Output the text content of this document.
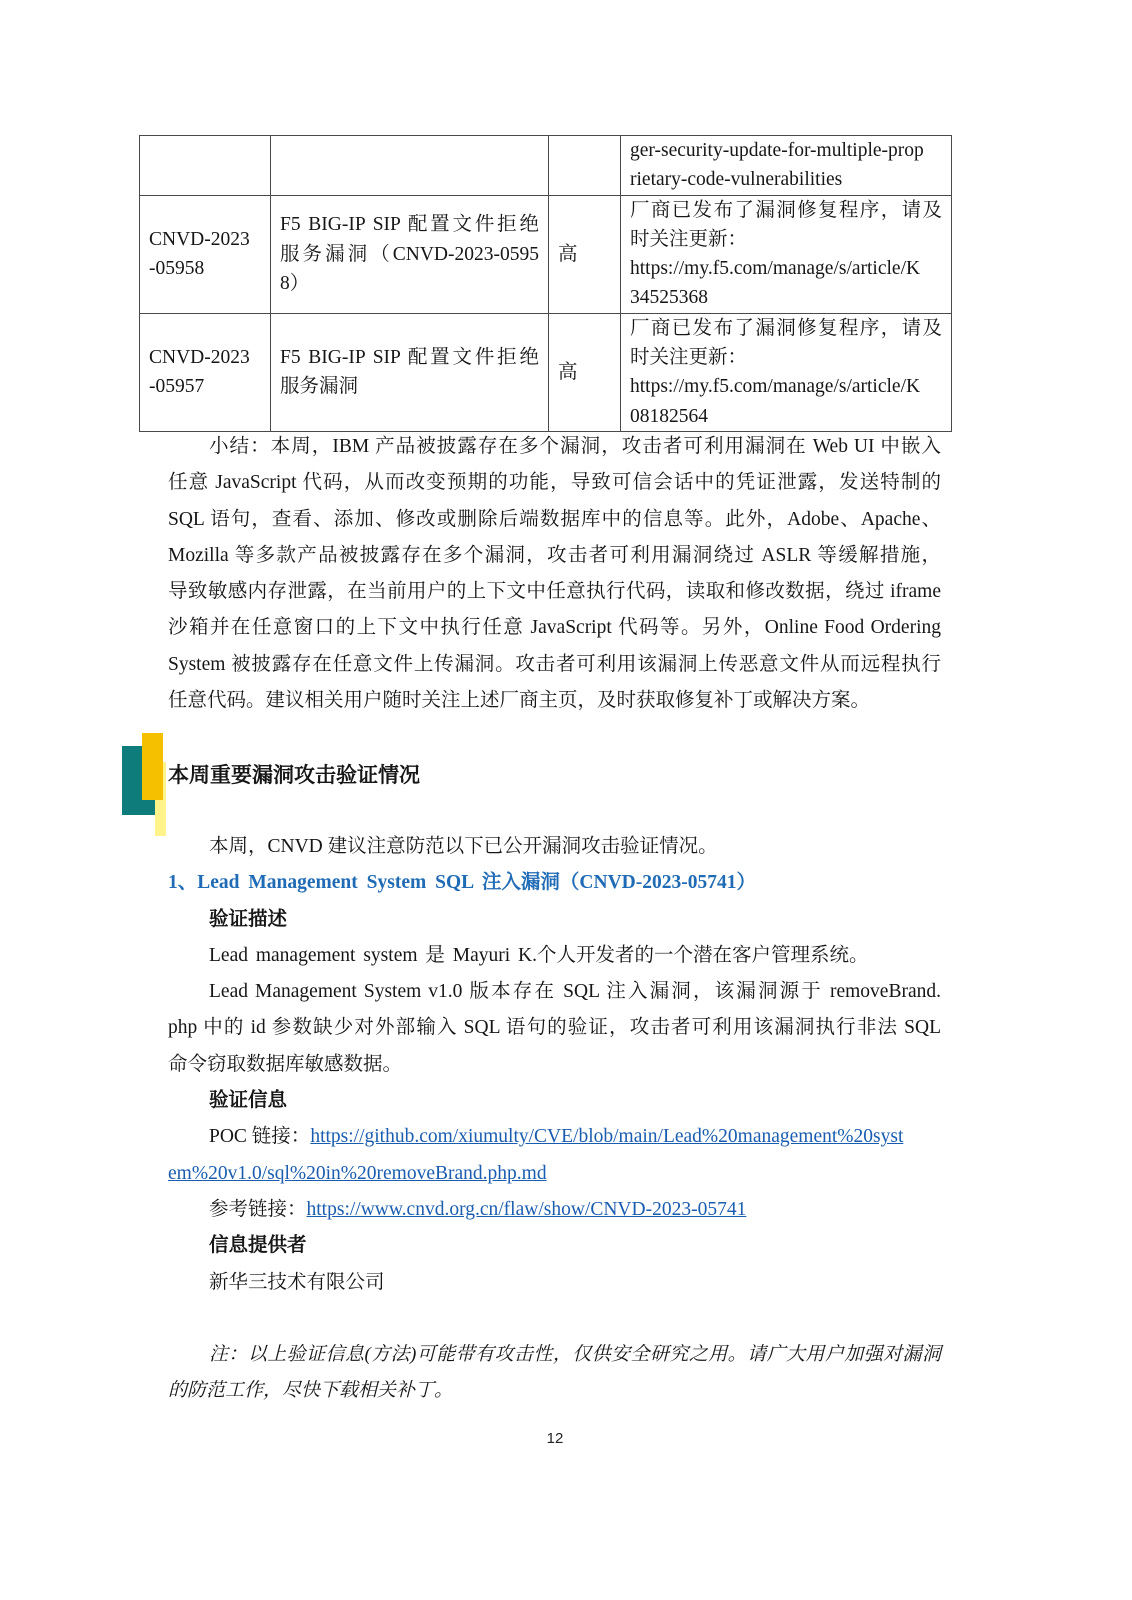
			ger-security-update-for-multiple-prop
rietary-code-vulnerabilities

CNVD-2023
-05958	F5 BIG-IP SIP 配置文件拒绝
服务漏洞（CNVD-2023-0595
8）	高	厂商已发布了漏洞修复程序，请及
时关注更新：
https://my.f5.com/manage/s/article/K
34525368

CNVD-2023
-05957	F5 BIG-IP SIP 配置文件拒绝
服务漏洞	高	厂商已发布了漏洞修复程序，请及
时关注更新：
https://my.f5.com/manage/s/article/K
08182564
小结：本周，IBM 产品被披露存在多个漏洞，攻击者可利用漏洞在 Web UI 中嵌入
任意 JavaScript 代码，从而改变预期的功能，导致可信会话中的凭证泄露，发送特制的
SQL 语句，查看、添加、修改或删除后端数据库中的信息等。此外，Adobe、Apache、
Mozilla 等多款产品被披露存在多个漏洞，攻击者可利用漏洞绕过 ASLR 等缓解措施，
导致敏感内存泄露，在当前用户的上下文中任意执行代码，读取和修改数据，绕过 iframe
沙箱并在任意窗口的上下文中执行任意 JavaScript 代码等。另外，Online Food Ordering
System 被披露存在任意文件上传漏洞。攻击者可利用该漏洞上传恶意文件从而远程执行
任意代码。建议相关用户随时关注上述厂商主页，及时获取修复补丁或解决方案。
本周重要漏洞攻击验证情况
本周，CNVD 建议注意防范以下已公开漏洞攻击验证情况。
1、Lead Management System SQL 注入漏洞（CNVD-2023-05741）
验证描述
Lead management system 是 Mayuri K.个人开发者的一个潜在客户管理系统。
Lead Management System v1.0 版本存在 SQL 注入漏洞，该漏洞源于 removeBrand.
php 中的 id 参数缺少对外部输入 SQL 语句的验证，攻击者可利用该漏洞执行非法 SQL
命令窃取数据库敏感数据。
验证信息
POC 链接：https://github.com/xiumulty/CVE/blob/main/Lead%20management%20syst
em%20v1.0/sql%20in%20removeBrand.php.md
参考链接：https://www.cnvd.org.cn/flaw/show/CNVD-2023-05741
信息提供者
新华三技术有限公司
注：以上验证信息(方法)可能带有攻击性，仅供安全研究之用。请广大用户加强对漏洞
的防范工作，尽快下载相关补丁。
12
